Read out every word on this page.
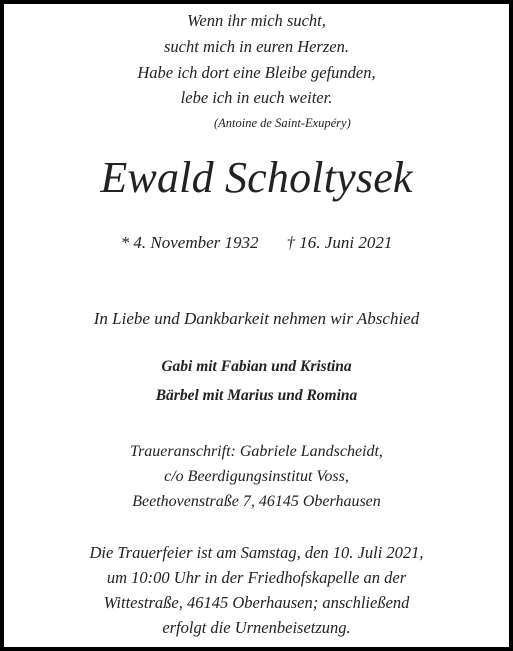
Wenn ihr mich sucht,
sucht mich in euren Herzen.
Habe ich dort eine Bleibe gefunden,
lebe ich in euch weiter.
(Antoine de Saint-Exupéry)
Ewald Scholtysek
* 4. November 1932 † 16. Juni 2021
In Liebe und Dankbarkeit nehmen wir Abschied
Gabi mit Fabian und Kristina
Bärbel mit Marius und Romina
Traueranschrift: Gabriele Landscheidt,
c/o Beerdigungsinstitut Voss,
Beethovenstraße 7, 46145 Oberhausen
Die Trauerfeier ist am Samstag, den 10. Juli 2021,
um 10:00 Uhr in der Friedhofskapelle an der
Wittestraße, 46145 Oberhausen; anschließend
erfolgt die Urnenbeisetzung.
